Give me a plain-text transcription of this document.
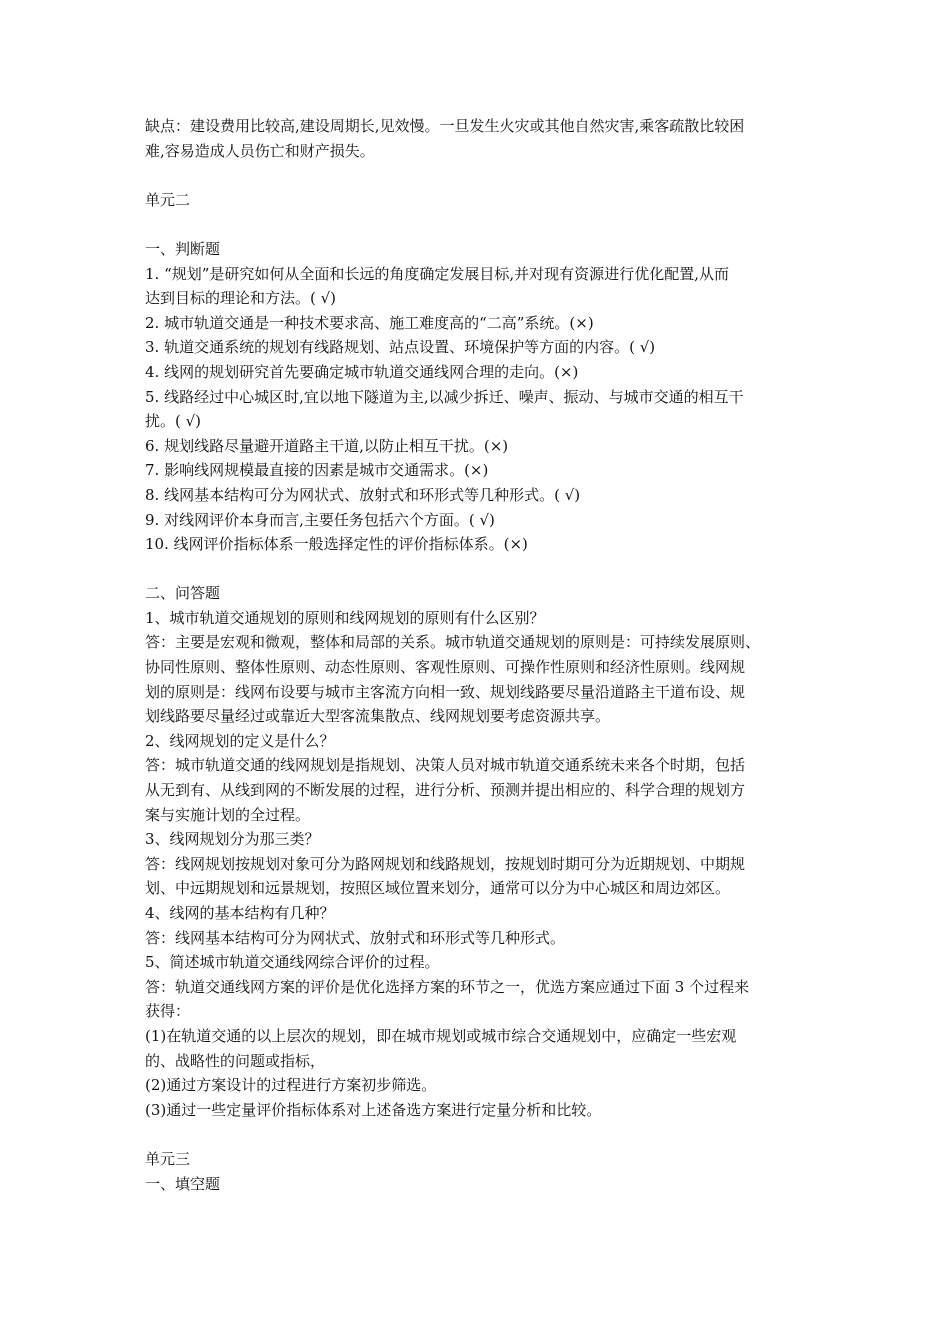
缺点：建设费用比较高,建设周期长,见效慢。一旦发生火灾或其他自然灾害,乘客疏散比较困
难,容易造成人员伤亡和财产损失。
单元二
一、判断题
1. “规划”是研究如何从全面和长远的角度确定发展目标,并对现有资源进行优化配置,从而
达到目标的理论和方法。( √)
2. 城市轨道交通是一种技术要求高、施工难度高的“二高”系统。(×)
3. 轨道交通系统的规划有线路规划、站点设置、环境保护等方面的内容。( √)
4. 线网的规划研究首先要确定城市轨道交通线网合理的走向。(×)
5. 线路经过中心城区时,宜以地下隧道为主,以减少拆迁、噪声、振动、与城市交通的相互干
扰。( √)
6. 规划线路尽量避开道路主干道,以防止相互干扰。(×)
7. 影响线网规模最直接的因素是城市交通需求。(×)
8. 线网基本结构可分为网状式、放射式和环形式等几种形式。( √)
9. 对线网评价本身而言,主要任务包括六个方面。( √)
10. 线网评价指标体系一般选择定性的评价指标体系。(×)
二、问答题
1、城市轨道交通规划的原则和线网规划的原则有什么区别？
答：主要是宏观和微观，整体和局部的关系。城市轨道交通规划的原则是：可持续发展原则、
协同性原则、整体性原则、动态性原则、客观性原则、可操作性原则和经济性原则。线网规
划的原则是：线网布设要与城市主客流方向相一致、规划线路要尽量沿道路主干道布设、规
划线路要尽量经过或靠近大型客流集散点、线网规划要考虑资源共享。
2、线网规划的定义是什么？
答：城市轨道交通的线网规划是指规划、决策人员对城市轨道交通系统未来各个时期，包括
从无到有、从线到网的不断发展的过程，进行分析、预测并提出相应的、科学合理的规划方
案与实施计划的全过程。
3、线网规划分为那三类？
答：线网规划按规划对象可分为路网规划和线路规划，按规划时期可分为近期规划、中期规
划、中远期规划和远景规划，按照区域位置来划分，通常可以分为中心城区和周边郊区。
4、线网的基本结构有几种？
答：线网基本结构可分为网状式、放射式和环形式等几种形式。
5、简述城市轨道交通线网综合评价的过程。
答：轨道交通线网方案的评价是优化选择方案的环节之一，优选方案应通过下面 3 个过程来
获得：
(1)在轨道交通的以上层次的规划，即在城市规划或城市综合交通规划中，应确定一些宏观
的、战略性的问题或指标，
(2)通过方案设计的过程进行方案初步筛选。
(3)通过一些定量评价指标体系对上述备选方案进行定量分析和比较。
单元三
一、填空题
